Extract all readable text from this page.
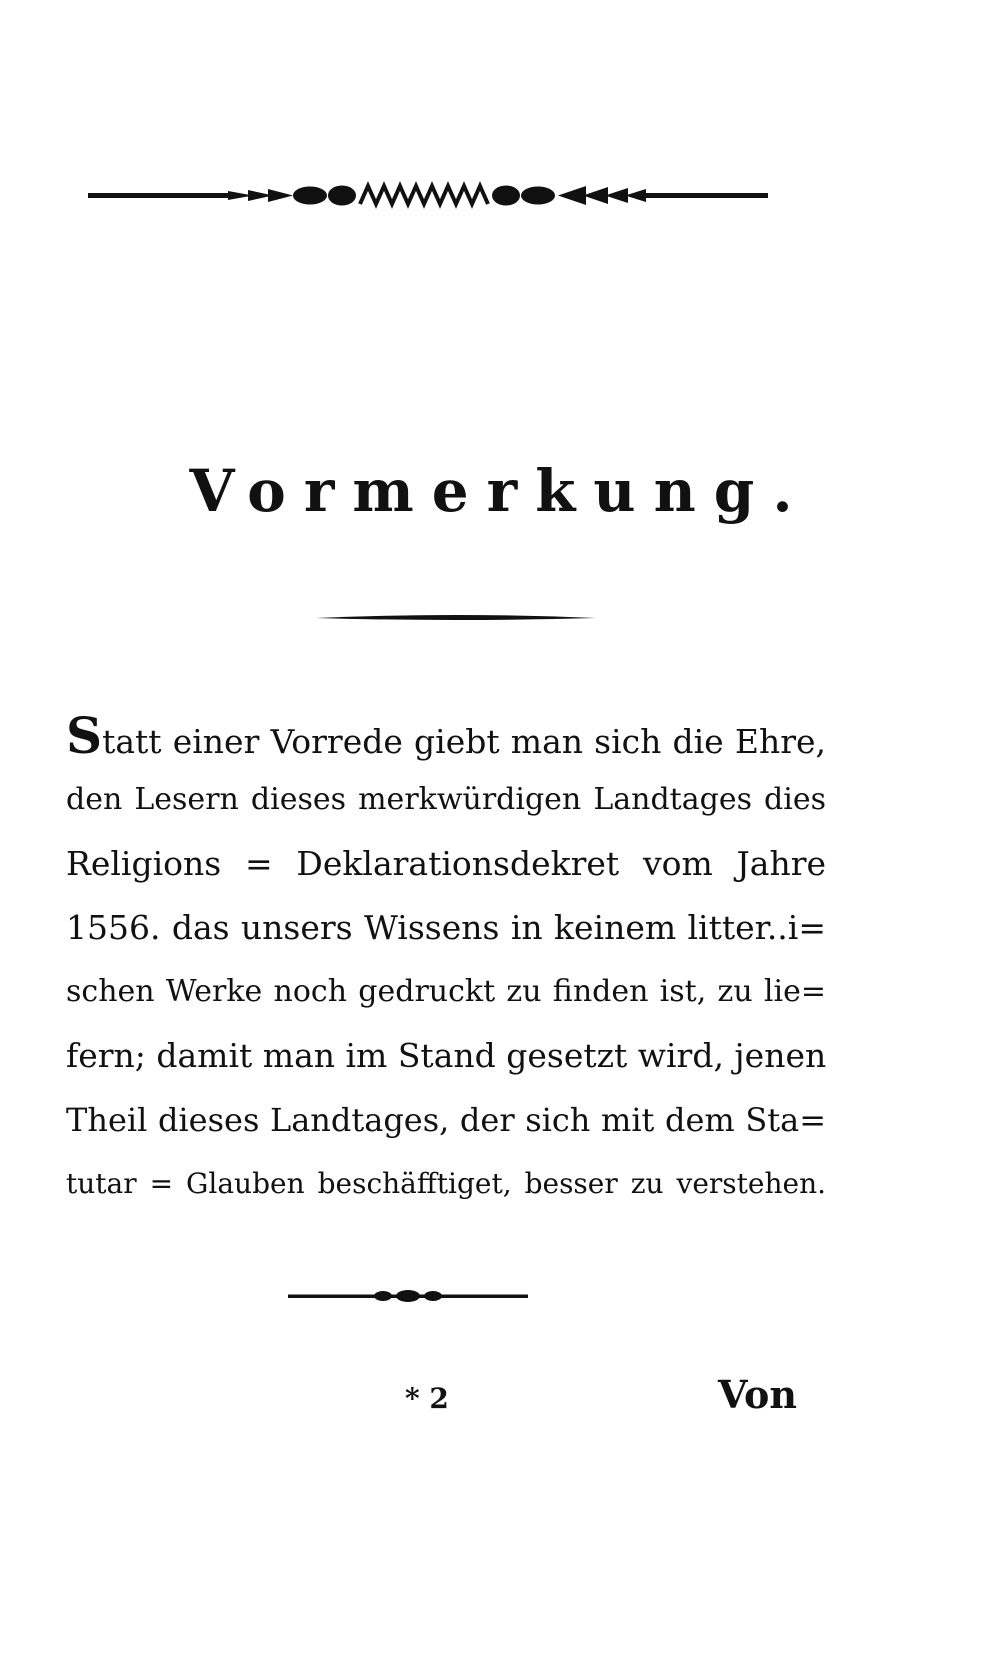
Vormerkung.
Statt einer Vorrede giebt man sich die Ehre,
den Lesern dieses merkwürdigen Landtages dies
Religions = Deklarationsdekret vom Jahre
1556. das unsers Wissens in keinem litter..i=
schen Werke noch gedruckt zu finden ist, zu lie=
fern; damit man im Stand gesetzt wird, jenen
Theil dieses Landtages, der sich mit dem Sta=
tutar = Glauben beschäfftiget, besser zu verstehen.
* 2	Von
